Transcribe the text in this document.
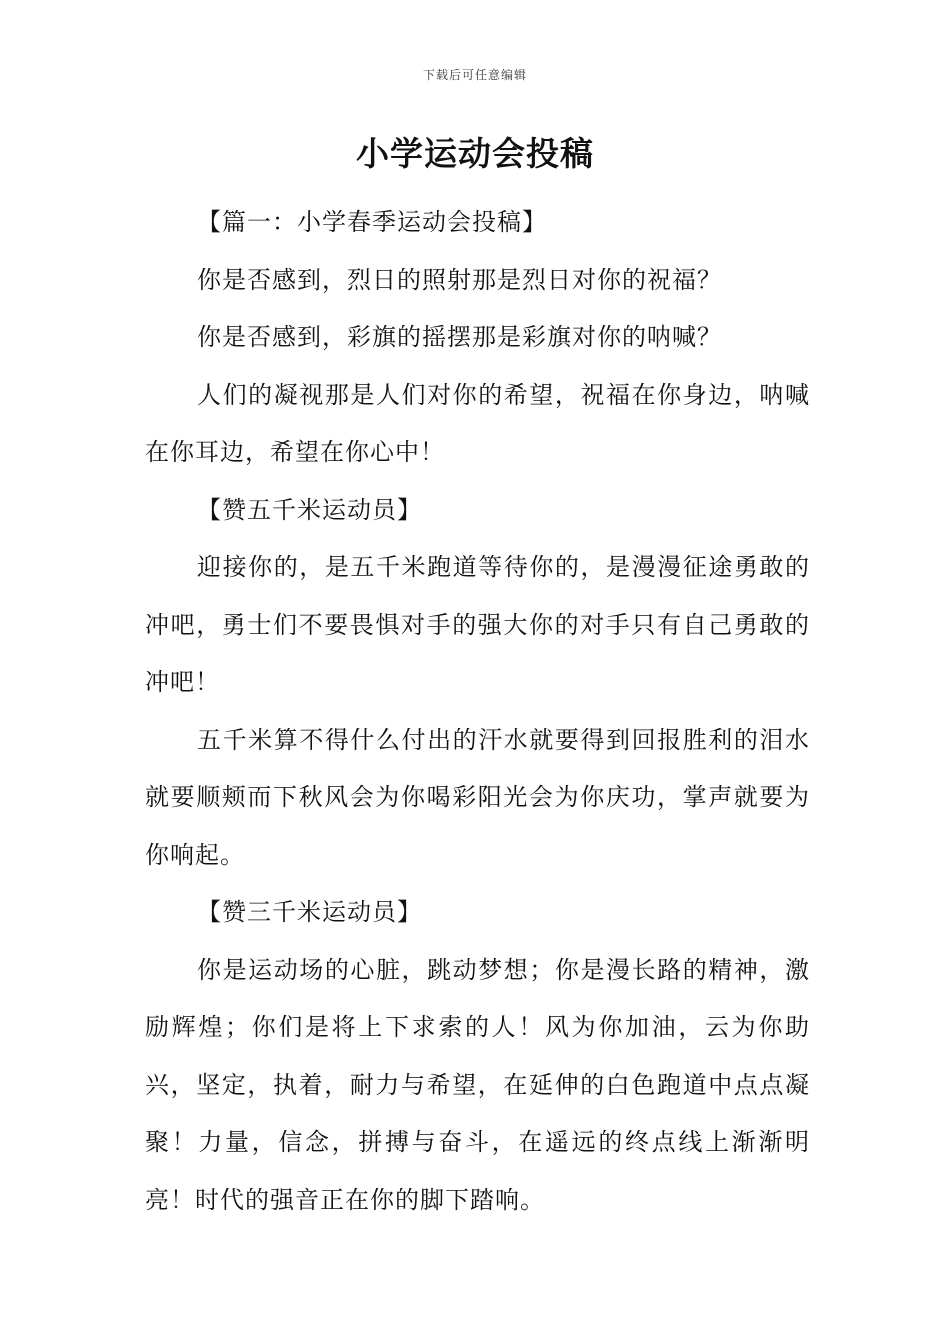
下载后可任意编辑
小学运动会投稿

【篇一：小学春季运动会投稿】

你是否感到，烈日的照射那是烈日对你的祝福？

你是否感到，彩旗的摇摆那是彩旗对你的呐喊？

人们的凝视那是人们对你的希望，祝福在你身边，呐喊在你耳边，希望在你心中！

【赞五千米运动员】

迎接你的，是五千米跑道等待你的，是漫漫征途勇敢的冲吧，勇士们不要畏惧对手的强大你的对手只有自己勇敢的冲吧！

五千米算不得什么付出的汗水就要得到回报胜利的泪水就要顺颊而下秋风会为你喝彩阳光会为你庆功，掌声就要为你响起。

【赞三千米运动员】

你是运动场的心脏，跳动梦想；你是漫长路的精神，激励辉煌；你们是将上下求索的人！风为你加油，云为你助兴，坚定，执着，耐力与希望，在延伸的白色跑道中点点凝聚！力量，信念，拼搏与奋斗，在遥远的终点线上渐渐明亮！时代的强音正在你的脚下踏响。
